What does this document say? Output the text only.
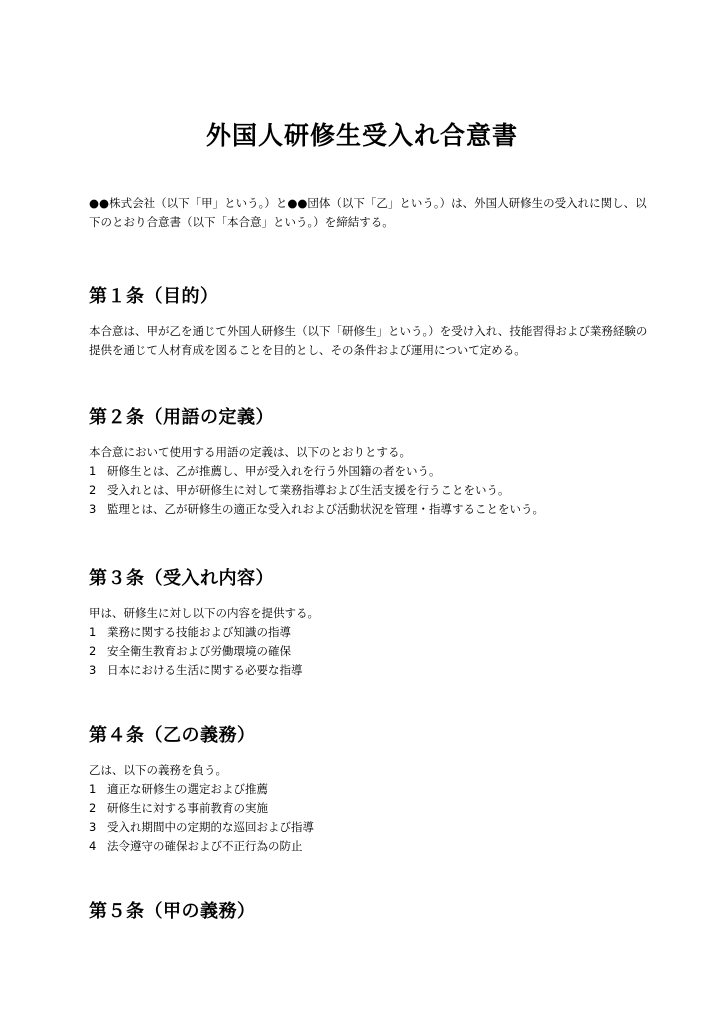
外国人研修生受入れ合意書

●●株式会社（以下「甲」という。）と●●団体（以下「乙」という。）は、外国人研修生の受入れに関し、以下のとおり合意書（以下「本合意」という。）を締結する。

第１条（目的）

本合意は、甲が乙を通じて外国人研修生（以下「研修生」という。）を受け入れ、技能習得および業務経験の提供を通じて人材育成を図ることを目的とし、その条件および運用について定める。

第２条（用語の定義）

本合意において使用する用語の定義は、以下のとおりとする。

1 研修生とは、乙が推薦し、甲が受入れを行う外国籍の者をいう。
2 受入れとは、甲が研修生に対して業務指導および生活支援を行うことをいう。
3 監理とは、乙が研修生の適正な受入れおよび活動状況を管理・指導することをいう。
第３条（受入れ内容）

甲は、研修生に対し以下の内容を提供する。

1 業務に関する技能および知識の指導
2 安全衛生教育および労働環境の確保
3 日本における生活に関する必要な指導
第４条（乙の義務）

乙は、以下の義務を負う。

1 適正な研修生の選定および推薦
2 研修生に対する事前教育の実施
3 受入れ期間中の定期的な巡回および指導
4 法令遵守の確保および不正行為の防止
第５条（甲の義務）
